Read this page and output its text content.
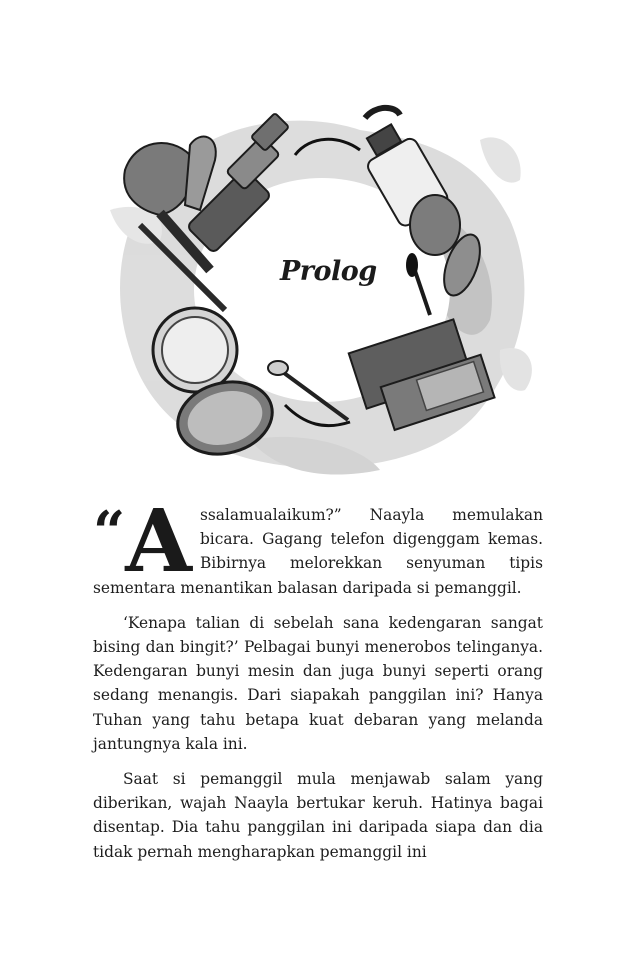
Prolog

“ A ssalamualaikum?” Naayla memulakan bicara. Gagang telefon digenggam kemas. Bibirnya melorekkan senyuman tipis sementara menantikan balasan daripada si pemanggil.

‘Kenapa talian di sebelah sana kedengaran sangat bising dan bingit?’ Pelbagai bunyi menerobos telinganya. Kedengaran bunyi mesin dan juga bunyi seperti orang sedang menangis. Dari siapakah panggilan ini? Hanya Tuhan yang tahu betapa kuat debaran yang melanda jantungnya kala ini.

Saat si pemanggil mula menjawab salam yang diberikan, wajah Naayla bertukar keruh. Hatinya bagai disentap. Dia tahu panggilan ini daripada siapa dan dia tidak pernah mengharapkan pemanggil ini
